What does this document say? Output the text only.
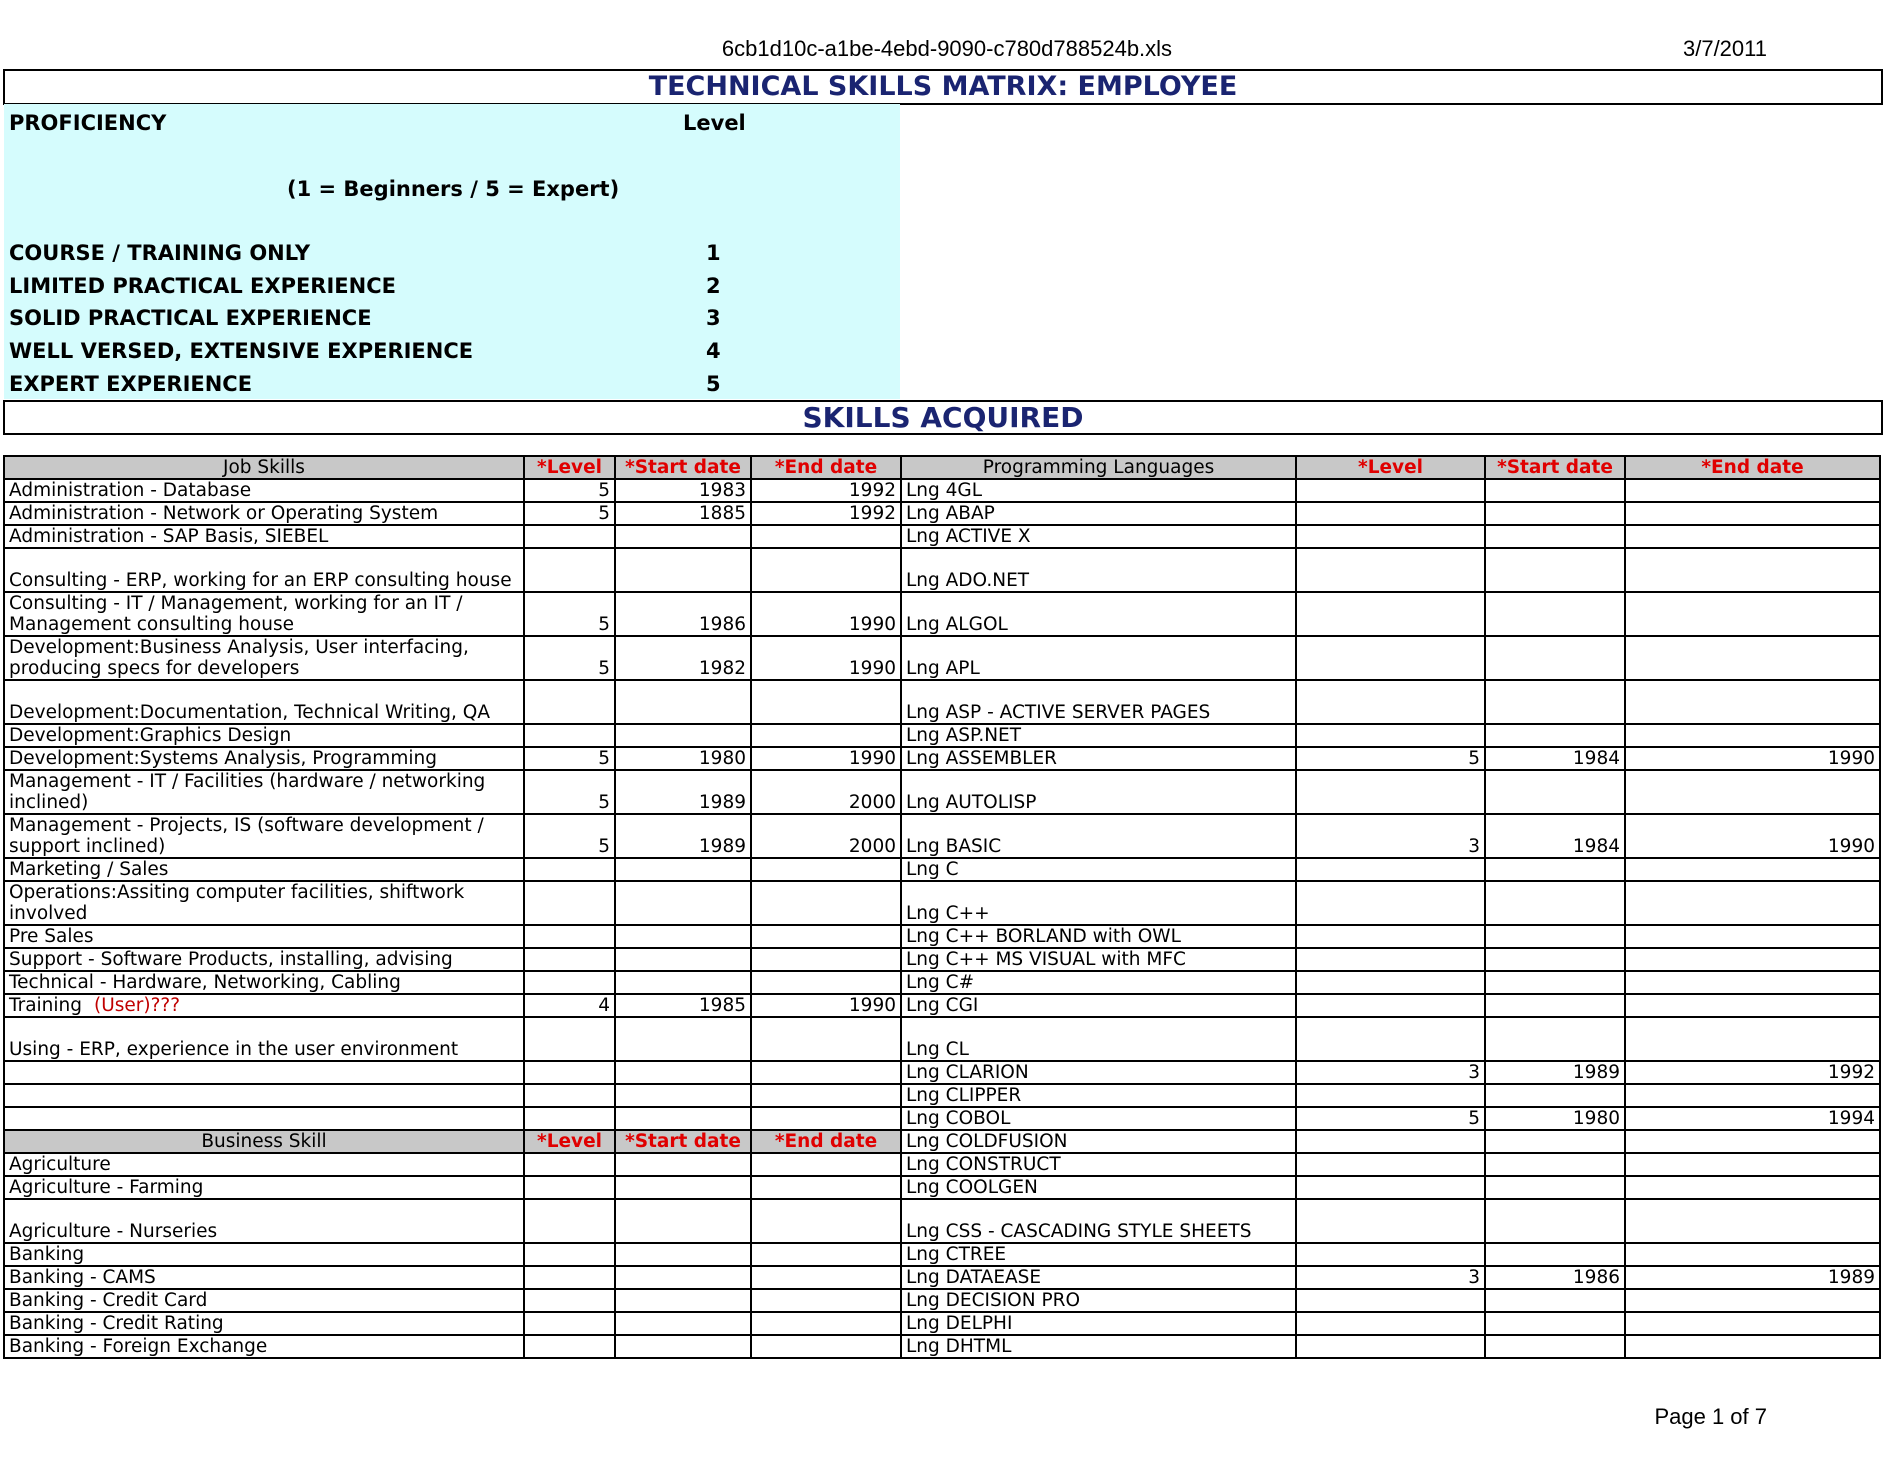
6cb1d10c-a1be-4ebd-9090-c780d788524b.xls	3/7/2011
TECHNICAL SKILLS MATRIX: EMPLOYEE
PROFICIENCY	Level
(1 = Beginners / 5 = Expert)
COURSE / TRAINING ONLY	1
LIMITED PRACTICAL EXPERIENCE	2
SOLID PRACTICAL EXPERIENCE	3
WELL VERSED, EXTENSIVE EXPERIENCE	4
EXPERT EXPERIENCE	5
SKILLS ACQUIRED
Job Skills	*Level	*Start date	*End date	Programming Languages	*Level	*Start date	*End date
Administration - Database	5	1983	1992	Lng 4GL			
Administration - Network or Operating System	5	1885	1992	Lng ABAP			
Administration - SAP Basis, SIEBEL				Lng ACTIVE X			
Consulting - ERP, working for an ERP consulting house				Lng ADO.NET			
Consulting - IT / Management, working for an IT /
Management consulting house	5	1986	1990	Lng ALGOL			
Development:Business Analysis, User interfacing,
producing specs for developers	5	1982	1990	Lng APL			
Development:Documentation, Technical Writing, QA				Lng ASP - ACTIVE SERVER PAGES			
Development:Graphics Design				Lng ASP.NET			
Development:Systems Analysis, Programming	5	1980	1990	Lng ASSEMBLER	5	1984	1990
Management - IT / Facilities (hardware / networking
inclined)	5	1989	2000	Lng AUTOLISP			
Management - Projects, IS (software development /
support inclined)	5	1989	2000	Lng BASIC	3	1984	1990
Marketing / Sales				Lng C			
Operations:Assiting computer facilities, shiftwork
involved				Lng C++			
Pre Sales				Lng C++ BORLAND with OWL			
Support - Software Products, installing, advising				Lng C++ MS VISUAL with MFC			
Technical - Hardware, Networking, Cabling				Lng C#			
Training (User)???	4	1985	1990	Lng CGI			
Using - ERP, experience in the user environment				Lng CL			
				Lng CLARION	3	1989	1992
				Lng CLIPPER			
				Lng COBOL	5	1980	1994
Business Skill	*Level	*Start date	*End date	Lng COLDFUSION			
Agriculture				Lng CONSTRUCT			
Agriculture - Farming				Lng COOLGEN			
Agriculture - Nurseries				Lng CSS - CASCADING STYLE SHEETS			
Banking				Lng CTREE			
Banking - CAMS				Lng DATAEASE	3	1986	1989
Banking - Credit Card				Lng DECISION PRO			
Banking - Credit Rating				Lng DELPHI			
Banking - Foreign Exchange				Lng DHTML			
Page 1 of 7
